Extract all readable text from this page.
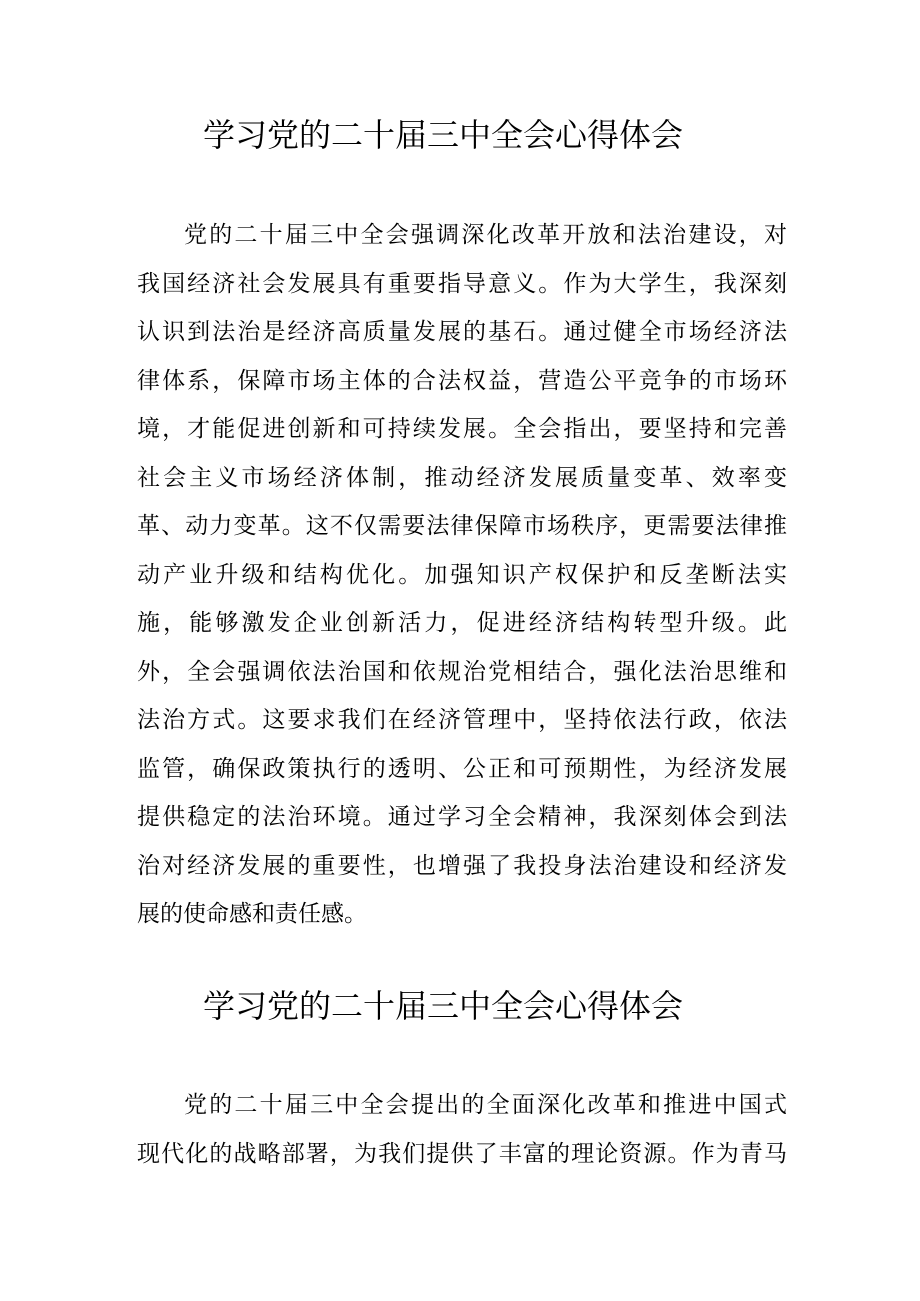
学习党的二十届三中全会心得体会
党的二十届三中全会强调深化改革开放和法治建设，对
我国经济社会发展具有重要指导意义。作为大学生，我深刻
认识到法治是经济高质量发展的基石。通过健全市场经济法
律体系，保障市场主体的合法权益，营造公平竞争的市场环
境，才能促进创新和可持续发展。全会指出，要坚持和完善
社会主义市场经济体制，推动经济发展质量变革、效率变
革、动力变革。这不仅需要法律保障市场秩序，更需要法律推
动产业升级和结构优化。加强知识产权保护和反垄断法实
施，能够激发企业创新活力，促进经济结构转型升级。此
外，全会强调依法治国和依规治党相结合，强化法治思维和
法治方式。这要求我们在经济管理中，坚持依法行政，依法
监管，确保政策执行的透明、公正和可预期性，为经济发展
提供稳定的法治环境。通过学习全会精神，我深刻体会到法
治对经济发展的重要性，也增强了我投身法治建设和经济发
展的使命感和责任感。
学习党的二十届三中全会心得体会
党的二十届三中全会提出的全面深化改革和推进中国式
现代化的战略部署，为我们提供了丰富的理论资源。作为青马
